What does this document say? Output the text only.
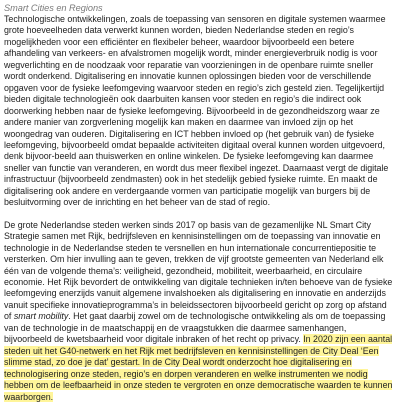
Smart Cities en Regions

Technologische ontwikkelingen, zoals de toepassing van sensoren en digitale systemen waarmee grote hoeveelheden data verwerkt kunnen worden, bieden Nederlandse steden en regio’s mogelijkheden voor een efficiënter en flexibeler beheer, waardoor bijvoorbeeld een betere afhandeling van verkeers- en afvalstromen mogelijk wordt, minder energieverbruik nodig is voor wegverlichting en de noodzaak voor reparatie van voorzieningen in de openbare ruimte sneller wordt onderkend. Digitalisering en innovatie kunnen oplossingen bieden voor de verschillende opgaven voor de fysieke leefomgeving waarvoor steden en regio’s zich gesteld zien. Tegelijkertijd bieden digitale technologieën ook daarbuiten kansen voor steden en regio’s die indirect ook doorwerking hebben naar de fysieke leefomgeving. Bijvoorbeeld in de gezondheidszorg waar ze andere manier van zorgverlening mogelijk kan maken en daarmee van invloed zijn op het woongedrag van ouderen. Digitalisering en ICT hebben invloed op (het gebruik van) de fysieke leefomgeving, bijvoorbeeld omdat bepaalde activiteiten digitaal overal kunnen worden uitgevoerd, denk bijvoor-beeld aan thuiswerken en online winkelen. De fysieke leefomgeving kan daarmee sneller van functie van veranderen, en wordt dus meer flexibel ingezet. Daarnaast vergt de digitale infrastructuur (bijvoorbeeld zendmasten) ook in het stedelijk gebied fysieke ruimte. En maakt de digitalisering ook andere en verdergaande vormen van participatie mogelijk van burgers bij de besluitvorming over de inrichting en het beheer van de stad of regio.

De grote Nederlandse steden werken sinds 2017 op basis van de gezamenlijke NL Smart City Strategie samen met Rijk, bedrijfsleven en kennisinstellingen om de toepassing van innovatie en technologie in de Nederlandse steden te versnellen en hun internationale concurrentiepositie te versterken. Om hier invulling aan te geven, trekken de vijf grootste gemeenten van Nederland elk één van de volgende thema’s: veiligheid, gezondheid, mobiliteit, weerbaarheid, en circulaire economie. Het Rijk bevordert de ontwikkeling van digitale technieken in/ten behoeve van de fysieke leefomgeving enerzijds vanuit algemene invalshoeken als digitalisering en innovatie en anderzijds vanuit specifieke innovatieprogramma’s in beleidssectoren bijvoorbeeld gericht op zorg op afstand of smart mobility. Het gaat daarbij zowel om de technologische ontwikkeling als om de toepassing van de technologie in de maatschappij en de vraagstukken die daarmee samenhangen, bijvoorbeeld de kwetsbaarheid voor digitale inbraken of het recht op privacy. In 2020 zijn een aantal steden uit het G40-netwerk en het Rijk met bedrijfsleven en kennisinstellingen de City Deal ‘Een slimme stad, zo doe je dat’ gestart. In de City Deal wordt onderzocht hoe digitalisering en technologisering onze steden, regio’s en dorpen veranderen en welke instrumenten we nodig hebben om de leefbaarheid in onze steden te vergroten en onze democratische waarden te kunnen waarborgen.
